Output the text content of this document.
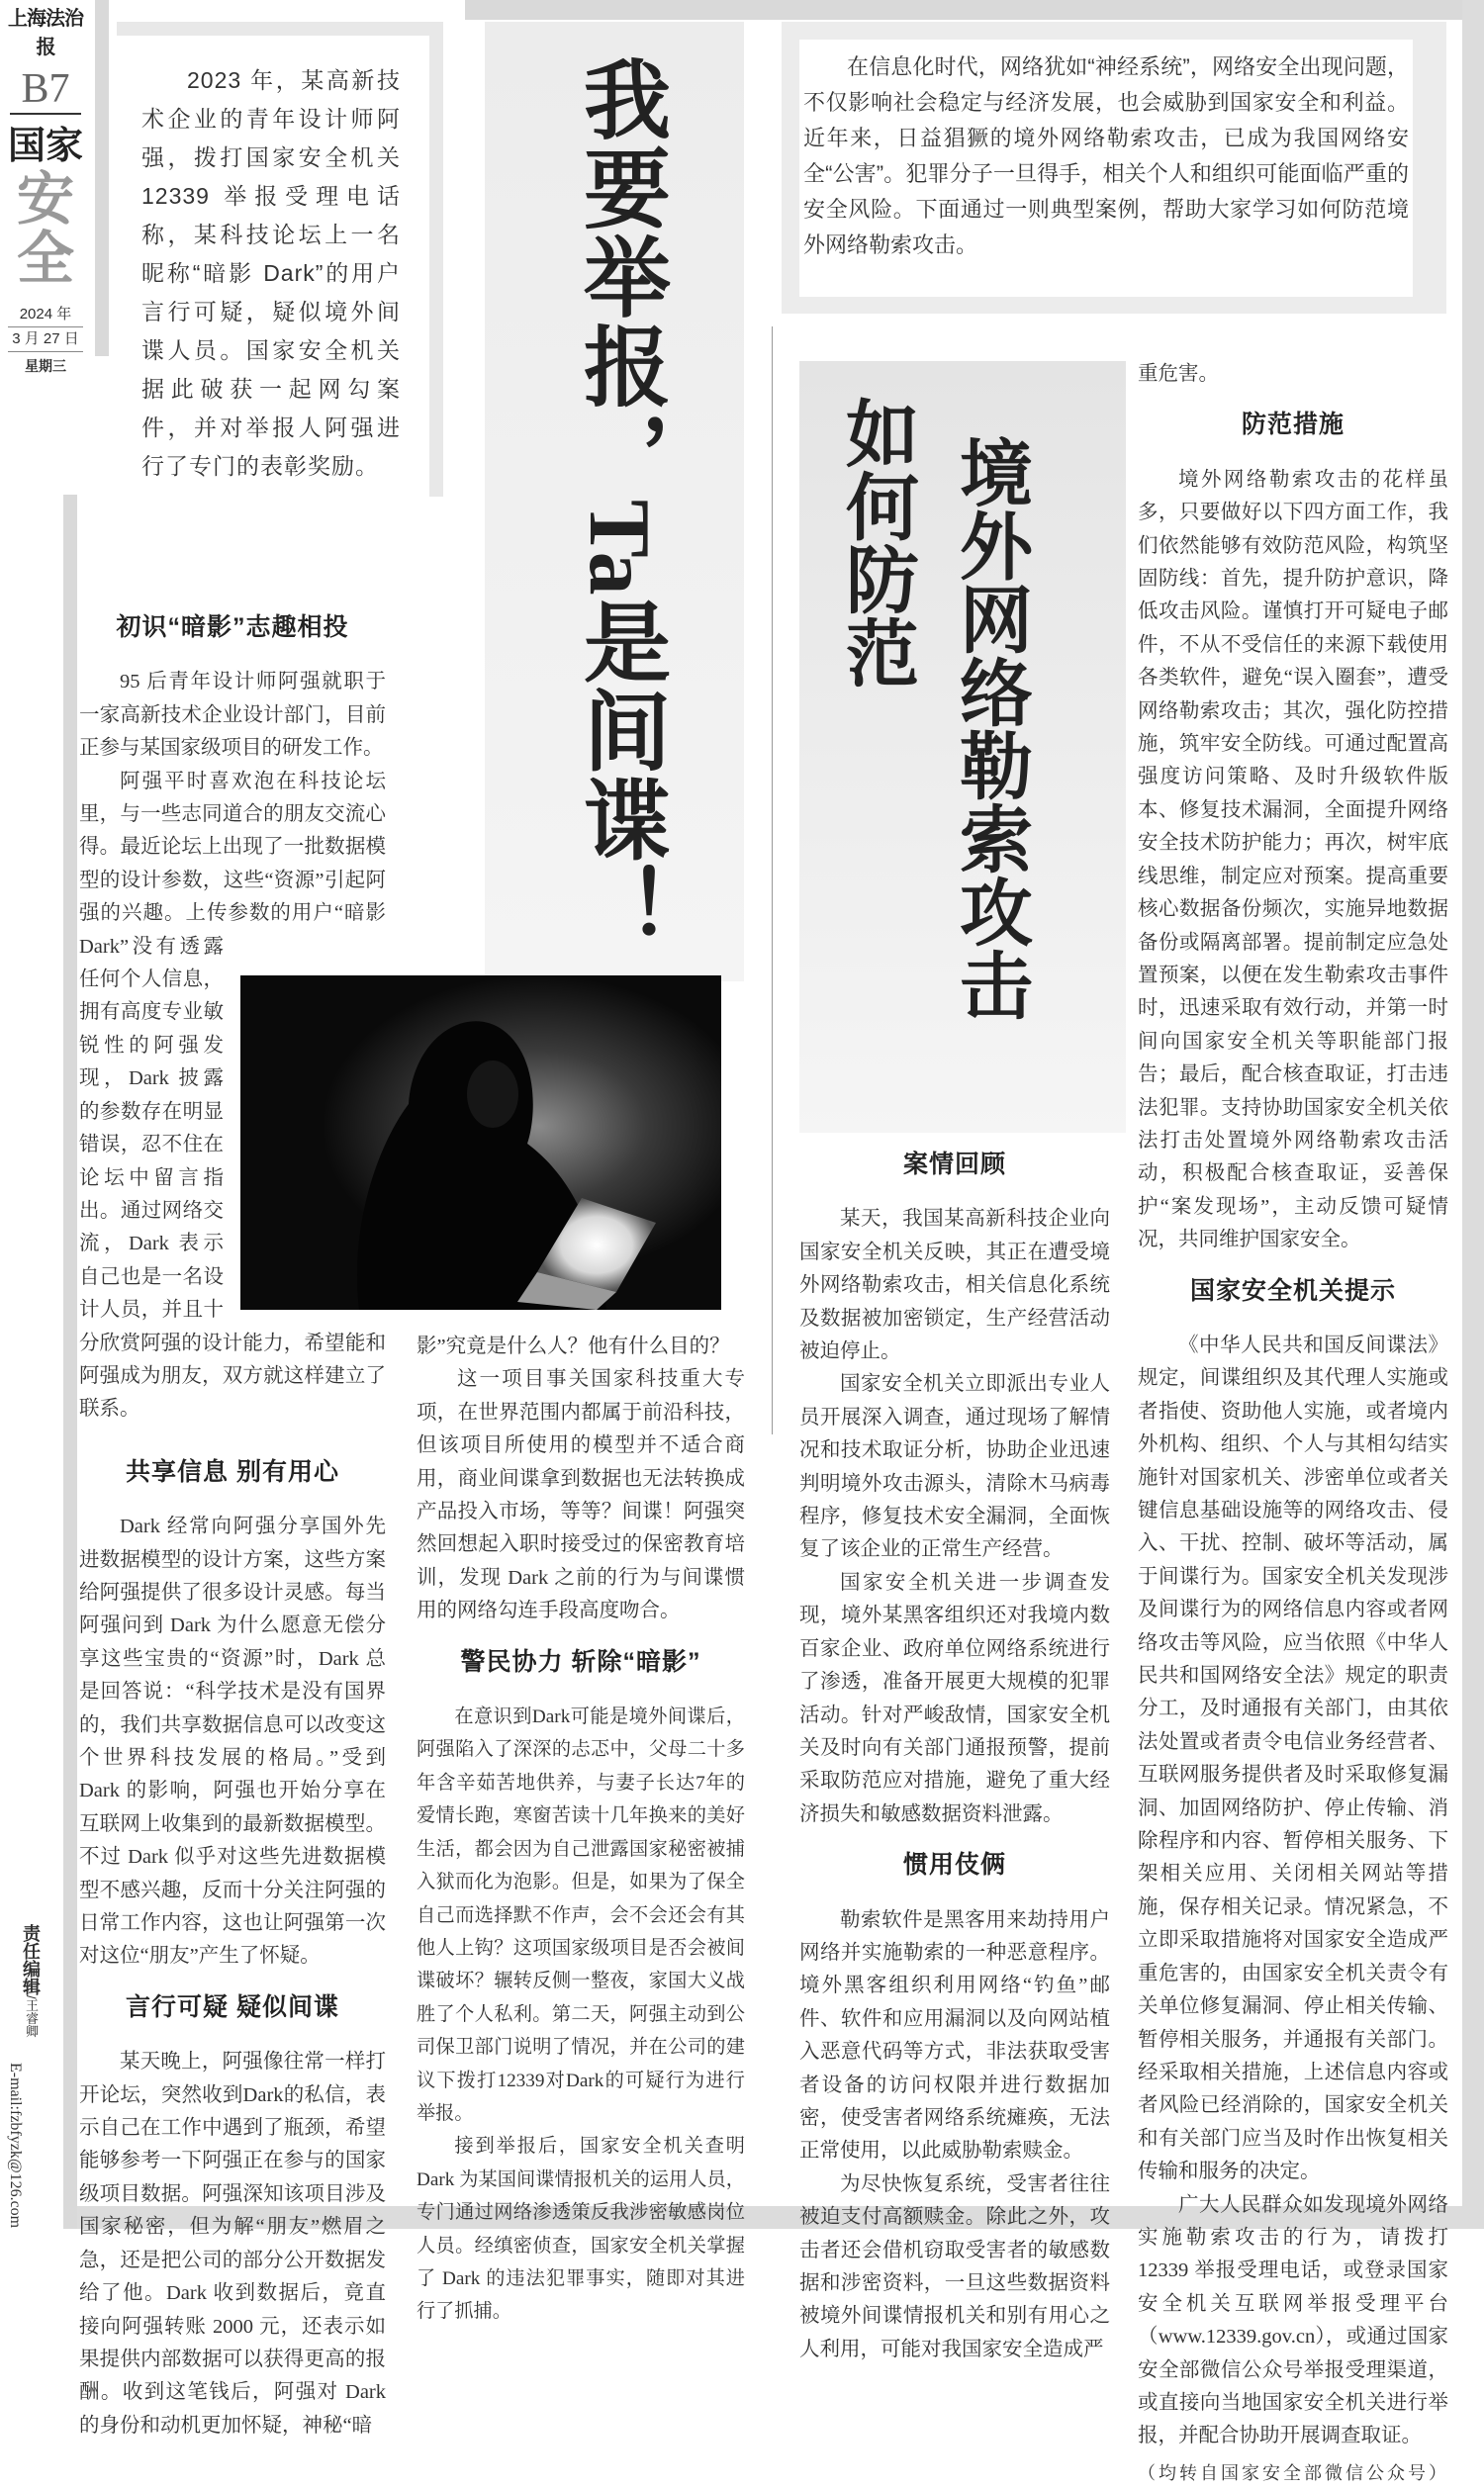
上海法治报
B7
国家
安全
2024 年
3 月 27 日
星期三
责任编辑/王睿卿
E-mail:fzbfyzk@126.com
2023 年，某高新技术企业的青年设计师阿强，拨打国家安全机关12339 举报受理电话称，某科技论坛上一名昵称“暗影 Dark”的用户言行可疑，疑似境外间谍人员。国家安全机关据此破获一起网勾案件，并对举报人阿强进行了专门的表彰奖励。 我要举报，Ta是间谍！	在信息化时代，网络犹如“神经系统”，网络安全出现问题，不仅影响社会稳定与经济发展，也会威胁到国家安全和利益。近年来，日益猖獗的境外网络勒索攻击，已成为我国网络安全“公害”。犯罪分子一旦得手，相关个人和组织可能面临严重的安全风险。下面通过一则典型案例，帮助大家学习如何防范境外网络勒索攻击。
境外网络勒索攻击
如何防范
初识“暗影”志趣相投

95 后青年设计师阿强就职于一家高新技术企业设计部门，目前正参与某国家级项目的研发工作。

阿强平时喜欢泡在科技论坛里，与一些志同道合的朋友交流心得。最近论坛上出现了一批数据模型的设计参数，这些“资源”引起阿强的兴趣。上传参数的用户“暗影 Dark”没有透露任何个人信息，拥有高度专业敏锐性的阿强发现，Dark 披露的参数存在明显错误，忍不住在论坛中留言指出。通过网络交流，Dark 表示自己也是一名设计人员，并且十分欣赏阿强的设计能力，希望能和阿强成为朋友，双方就这样建立了联系。

共享信息 别有用心

Dark 经常向阿强分享国外先进数据模型的设计方案，这些方案给阿强提供了很多设计灵感。每当阿强问到 Dark 为什么愿意无偿分享这些宝贵的“资源”时，Dark 总是回答说：“科学技术是没有国界的，我们共享数据信息可以改变这个世界科技发展的格局。”受到 Dark 的影响，阿强也开始分享在互联网上收集到的最新数据模型。不过 Dark 似乎对这些先进数据模型不感兴趣，反而十分关注阿强的日常工作内容，这也让阿强第一次对这位“朋友”产生了怀疑。

言行可疑 疑似间谍

某天晚上，阿强像往常一样打开论坛，突然收到Dark的私信，表示自己在工作中遇到了瓶颈，希望能够参考一下阿强正在参与的国家级项目数据。阿强深知该项目涉及国家秘密，但为解“朋友”燃眉之急，还是把公司的部分公开数据发给了他。Dark 收到数据后，竟直接向阿强转账 2000 元，还表示如果提供内部数据可以获得更高的报酬。收到这笔钱后，阿强对 Dark 的身份和动机更加怀疑，神秘“暗

影”究竟是什么人？他有什么目的？

这一项目事关国家科技重大专项，在世界范围内都属于前沿科技，但该项目所使用的模型并不适合商用，商业间谍拿到数据也无法转换成产品投入市场，等等？间谍！阿强突然回想起入职时接受过的保密教育培训，发现 Dark 之前的行为与间谍惯用的网络勾连手段高度吻合。

警民协力 斩除“暗影”

在意识到Dark可能是境外间谍后，阿强陷入了深深的忐忑中，父母二十多年含辛茹苦地供养，与妻子长达7年的爱情长跑，寒窗苦读十几年换来的美好生活，都会因为自己泄露国家秘密被捕入狱而化为泡影。但是，如果为了保全自己而选择默不作声，会不会还会有其他人上钩？这项国家级项目是否会被间谍破坏？辗转反侧一整夜，家国大义战胜了个人私利。第二天，阿强主动到公司保卫部门说明了情况，并在公司的建议下拨打12339对Dark的可疑行为进行举报。

接到举报后，国家安全机关查明 Dark 为某国间谍情报机关的运用人员，专门通过网络渗透策反我涉密敏感岗位人员。经缜密侦查，国家安全机关掌握了 Dark 的违法犯罪事实，随即对其进行了抓捕。

案情回顾

某天，我国某高新科技企业向国家安全机关反映，其正在遭受境外网络勒索攻击，相关信息化系统及数据被加密锁定，生产经营活动被迫停止。

国家安全机关立即派出专业人员开展深入调查，通过现场了解情况和技术取证分析，协助企业迅速判明境外攻击源头，清除木马病毒程序，修复技术安全漏洞，全面恢复了该企业的正常生产经营。

国家安全机关进一步调查发现，境外某黑客组织还对我境内数百家企业、政府单位网络系统进行了渗透，准备开展更大规模的犯罪活动。针对严峻敌情，国家安全机关及时向有关部门通报预警，提前采取防范应对措施，避免了重大经济损失和敏感数据资料泄露。

惯用伎俩

勒索软件是黑客用来劫持用户网络并实施勒索的一种恶意程序。境外黑客组织利用网络“钓鱼”邮件、软件和应用漏洞以及向网站植入恶意代码等方式，非法获取受害者设备的访问权限并进行数据加密，使受害者网络系统瘫痪，无法正常使用，以此威胁勒索赎金。

为尽快恢复系统，受害者往往被迫支付高额赎金。除此之外，攻击者还会借机窃取受害者的敏感数据和涉密资料，一旦这些数据资料被境外间谍情报机关和别有用心之人利用，可能对我国家安全造成严

重危害。

防范措施

境外网络勒索攻击的花样虽多，只要做好以下四方面工作，我们依然能够有效防范风险，构筑坚固防线：首先，提升防护意识，降低攻击风险。谨慎打开可疑电子邮件，不从不受信任的来源下载使用各类软件，避免“误入圈套”，遭受网络勒索攻击；其次，强化防控措施，筑牢安全防线。可通过配置高强度访问策略、及时升级软件版本、修复技术漏洞，全面提升网络安全技术防护能力；再次，树牢底线思维，制定应对预案。提高重要核心数据备份频次，实施异地数据备份或隔离部署。提前制定应急处置预案，以便在发生勒索攻击事件时，迅速采取有效行动，并第一时间向国家安全机关等职能部门报告；最后，配合核查取证，打击违法犯罪。支持协助国家安全机关依法打击处置境外网络勒索攻击活动，积极配合核查取证，妥善保护“案发现场”，主动反馈可疑情况，共同维护国家安全。

国家安全机关提示

《中华人民共和国反间谍法》规定，间谍组织及其代理人实施或者指使、资助他人实施，或者境内外机构、组织、个人与其相勾结实施针对国家机关、涉密单位或者关键信息基础设施等的网络攻击、侵入、干扰、控制、破坏等活动，属于间谍行为。国家安全机关发现涉及间谍行为的网络信息内容或者网络攻击等风险，应当依照《中华人民共和国网络安全法》规定的职责分工，及时通报有关部门，由其依法处置或者责令电信业务经营者、互联网服务提供者及时采取修复漏洞、加固网络防护、停止传输、消除程序和内容、暂停相关服务、下架相关应用、关闭相关网站等措施，保存相关记录。情况紧急，不立即采取措施将对国家安全造成严重危害的，由国家安全机关责令有关单位修复漏洞、停止相关传输、暂停相关服务，并通报有关部门。经采取相关措施，上述信息内容或者风险已经消除的，国家安全机关和有关部门应当及时作出恢复相关传输和服务的决定。

广大人民群众如发现境外网络实施勒索攻击的行为，请拨打 12339 举报受理电话，或登录国家安全机关互联网举报受理平台（www.12339.gov.cn），或通过国家安全部微信公众号举报受理渠道，或直接向当地国家安全机关进行举报，并配合协助开展调查取证。

（均转自国家安全部微信公众号）
